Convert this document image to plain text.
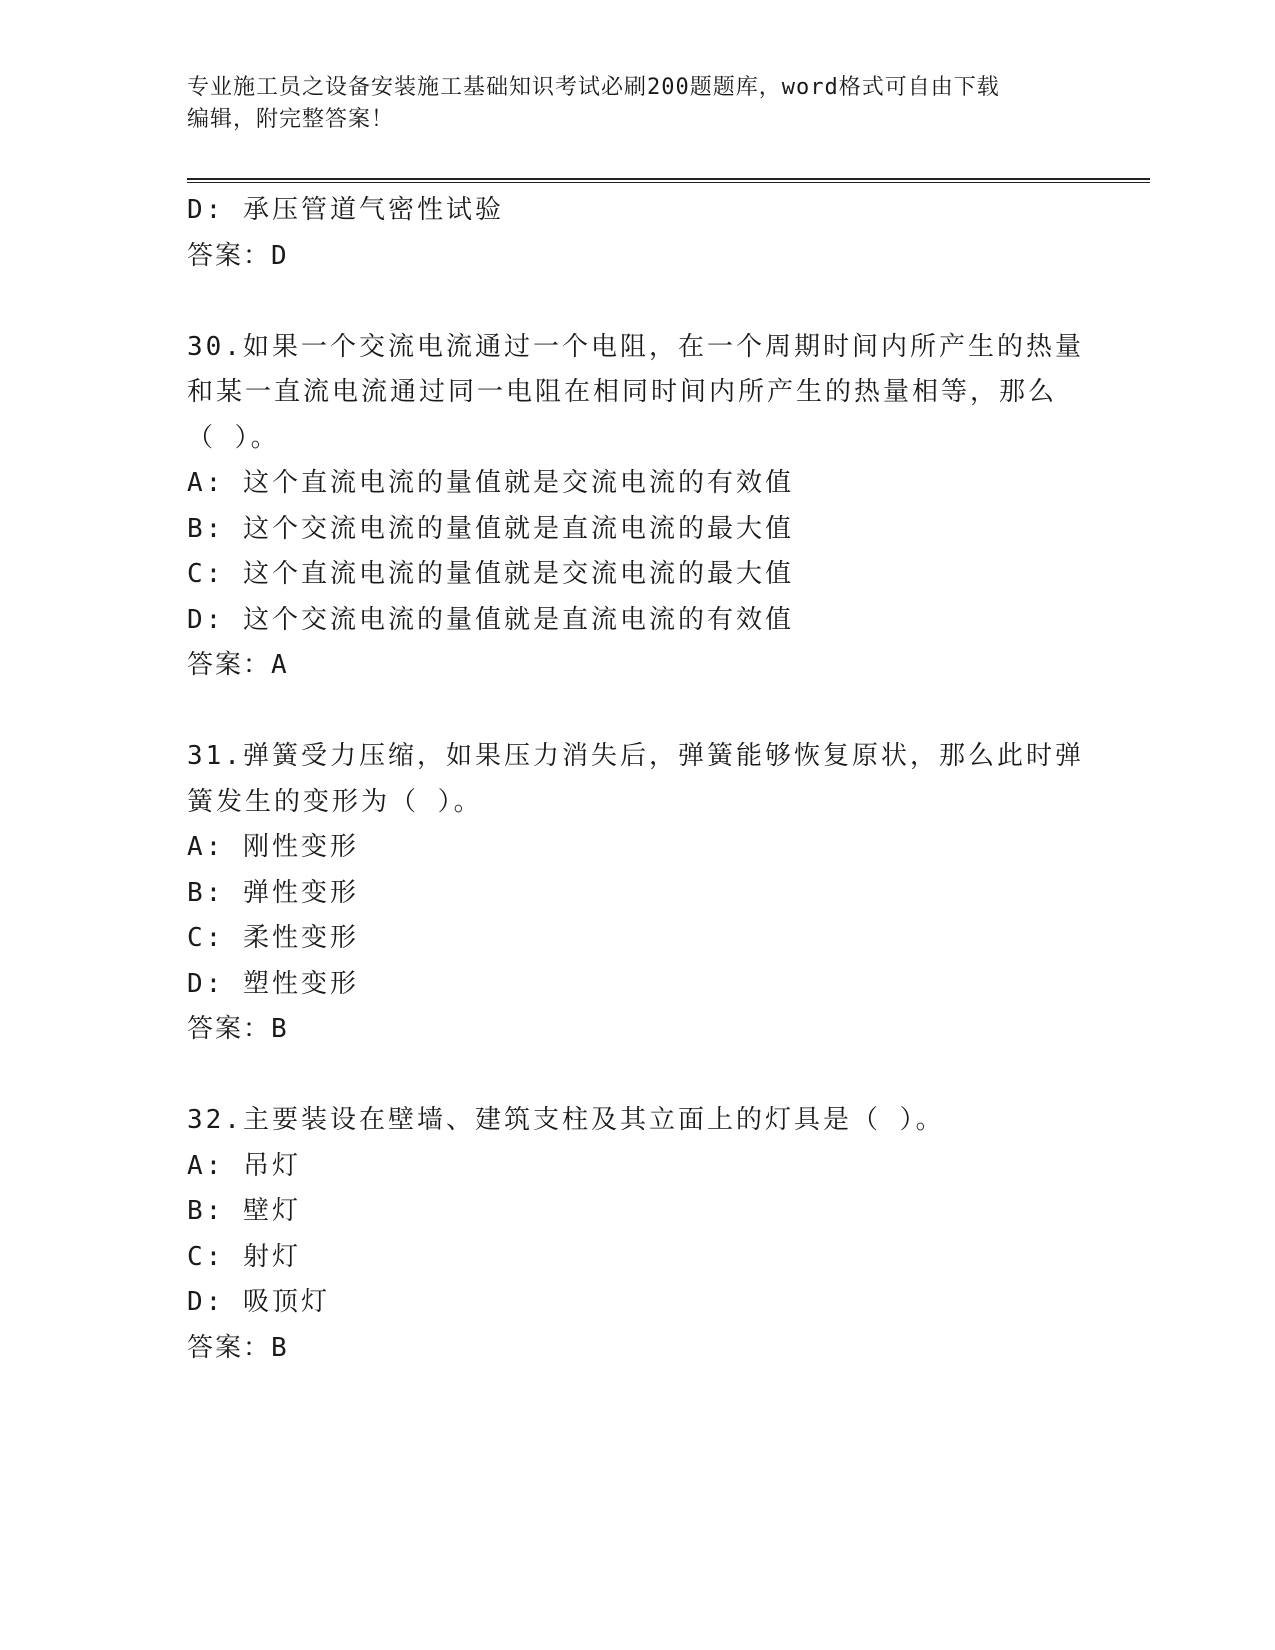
专业施工员之设备安装施工基础知识考试必刷200题题库，word格式可自由下载
编辑，附完整答案！
D: 承压管道气密性试验
答案：D
30.如果一个交流电流通过一个电阻，在一个周期时间内所产生的热量
和某一直流电流通过同一电阻在相同时间内所产生的热量相等，那么
（ ）。
A: 这个直流电流的量值就是交流电流的有效值
B: 这个交流电流的量值就是直流电流的最大值
C: 这个直流电流的量值就是交流电流的最大值
D: 这个交流电流的量值就是直流电流的有效值
答案：A
31.弹簧受力压缩，如果压力消失后，弹簧能够恢复原状，那么此时弹
簧发生的变形为（ ）。
A: 刚性变形
B: 弹性变形
C: 柔性变形
D: 塑性变形
答案：B
32.主要装设在壁墙、建筑支柱及其立面上的灯具是（ ）。
A: 吊灯
B: 壁灯
C: 射灯
D: 吸顶灯
答案：B
